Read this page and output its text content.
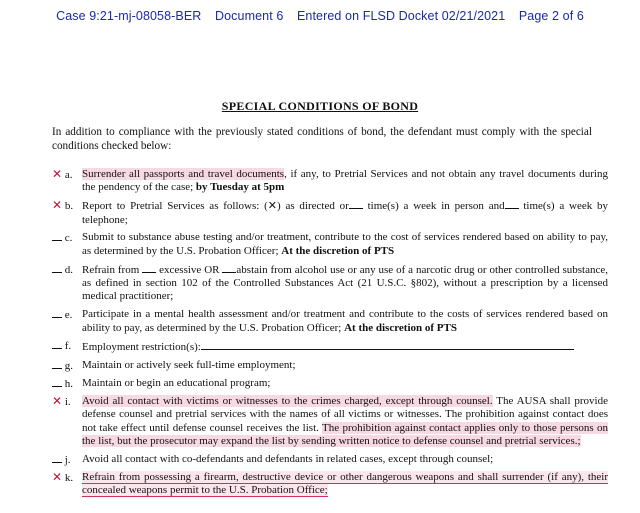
Case 9:21-mj-08058-BER Document 6 Entered on FLSD Docket 02/21/2021 Page 2 of 6
SPECIAL CONDITIONS OF BOND
In addition to compliance with the previously stated conditions of bond, the defendant must comply with the special conditions checked below:
✕ a. Surrender all passports and travel documents, if any, to Pretrial Services and not obtain any travel documents during the pendency of the case; by Tuesday at 5pm
✕ b. Report to Pretrial Services as follows: (✕) as directed or time(s) a week in person and time(s) a week by telephone;
c. Submit to substance abuse testing and/or treatment, contribute to the cost of services rendered based on ability to pay, as determined by the U.S. Probation Officer; At the discretion of PTS
d. Refrain from excessive OR abstain from alcohol use or any use of a narcotic drug or other controlled substance, as defined in section 102 of the Controlled Substances Act (21 U.S.C. §802), without a prescription by a licensed medical practitioner;
e. Participate in a mental health assessment and/or treatment and contribute to the costs of services rendered based on ability to pay, as determined by the U.S. Probation Officer; At the discretion of PTS
f. Employment restriction(s):
g. Maintain or actively seek full-time employment;
h. Maintain or begin an educational program;
✕ i.	Avoid all contact with victims or witnesses to the crimes charged, except through counsel. The AUSA shall provide defense counsel and pretrial services with the names of all victims or witnesses. The prohibition against contact does not take effect until defense counsel receives the list. The prohibition against contact applies only to those persons on the list, but the prosecutor may expand the list by sending written notice to defense counsel and pretrial services.;
j.	Avoid all contact with co-defendants and defendants in related cases, except through counsel;
✕ k. Refrain from possessing a firearm, destructive device or other dangerous weapons and shall surrender (if any), their concealed weapons permit to the U.S. Probation Office;
